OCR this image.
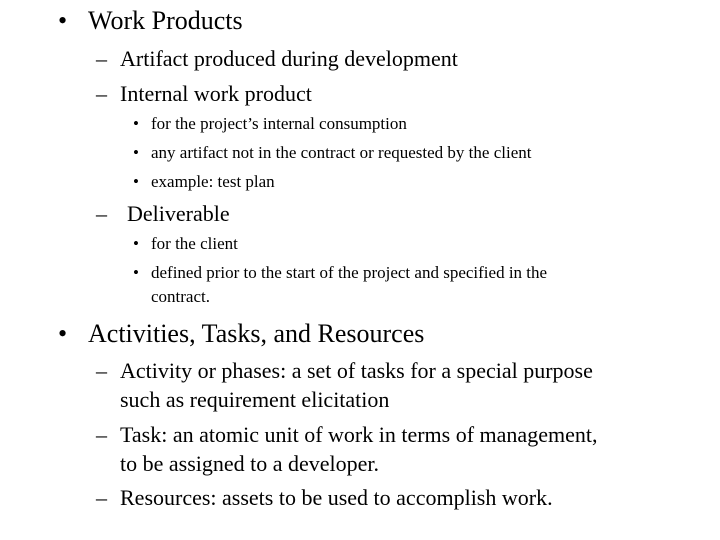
• Work Products
– Artifact produced during development
– Internal work product
• for the project’s internal consumption
• any artifact not in the contract or requested by the client
• example: test plan
– Deliverable
• for the client
• defined prior to the start of the project and specified in the
contract.
• Activities, Tasks, and Resources
– Activity or phases: a set of tasks for a special purpose
such as requirement elicitation
– Task: an atomic unit of work in terms of management,
to be assigned to a developer.
– Resources: assets to be used to accomplish work.
